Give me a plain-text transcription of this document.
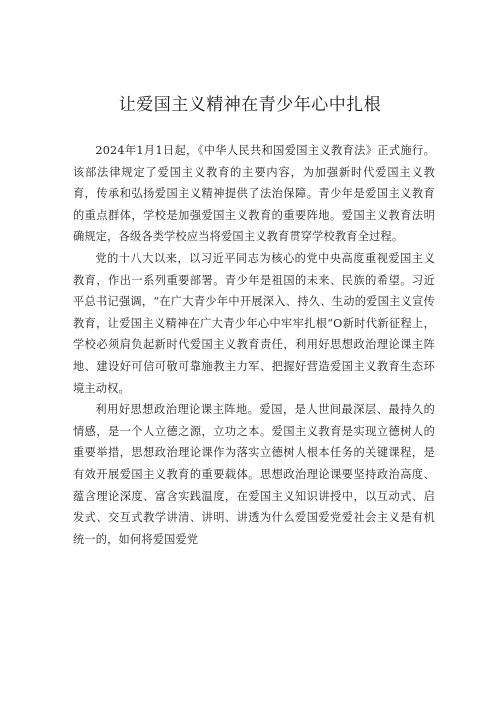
让爱国主义精神在青少年心中扎根

2024年1月1日起，《中华人民共和国爱国主义教育法》正式施行。该部法律规定了爱国主义教育的主要内容，为加强新时代爱国主义教育，传承和弘扬爱国主义精神提供了法治保障。青少年是爱国主义教育的重点群体，学校是加强爱国主义教育的重要阵地。爱国主义教育法明确规定，各级各类学校应当将爱国主义教育贯穿学校教育全过程。

党的十八大以来，以习近平同志为核心的党中央高度重视爱国主义教育，作出一系列重要部署。青少年是祖国的未来、民族的希望。习近平总书记强调，“在广大青少年中开展深入、持久、生动的爱国主义宣传教育，让爱国主义精神在广大青少年心中牢牢扎根“O新时代新征程上，学校必须肩负起新时代爱国主义教育责任，利用好思想政治理论课主阵地、建设好可信可敬可靠施教主力军、把握好营造爱国主义教育生态环境主动权。

利用好思想政治理论课主阵地。爱国，是人世间最深层、最持久的情感，是一个人立德之源，立功之本。爱国主义教育是实现立德树人的重要举措，思想政治理论课作为落实立德树人根本任务的关键课程，是有效开展爱国主义教育的重要载体。思想政治理论课要坚持政治高度、蕴含理论深度、富含实践温度，在爱国主义知识讲授中，以互动式、启发式、交互式教学讲清、讲明、讲透为什么爱国爱党爱社会主义是有机统一的，如何将爱国爱党
